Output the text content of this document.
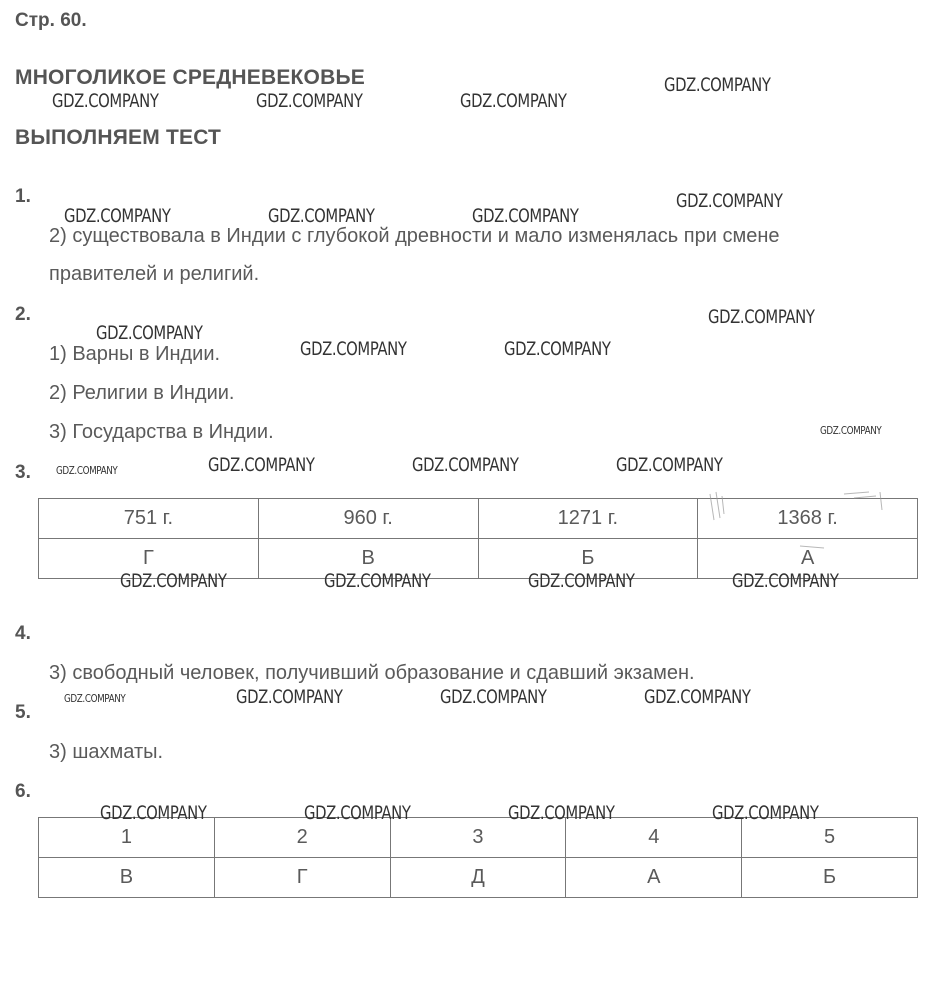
Стр. 60.
МНОГОЛИКОЕ СРЕДНЕВЕКОВЬЕ
ВЫПОЛНЯЕМ ТЕСТ
1.
2) существовала в Индии с глубокой древности и мало изменялась при смене
правителей и религий.
2.
1) Варны в Индии.
2) Религии в Индии.
3) Государства в Индии.
3.
751 г.	960 г.	1271 г.	1368 г.
Г	В	Б	А
4.
3) свободный человек, получивший образование и сдавший экзамен.
5.
3) шахматы.
6.
1	2	3	4	5
В	Г	Д	А	Б
GDZ.COMPANY	GDZ.COMPANY	GDZ.COMPANY
GDZ.COMPANY
GDZ.COMPANY	GDZ.COMPANY	GDZ.COMPANY
GDZ.COMPANY
GDZ.COMPANY
GDZ.COMPANY	GDZ.COMPANY
GDZ.COMPANY
GDZ.COMPANY
GDZ.COMPANY	GDZ.COMPANY	GDZ.COMPANY	GDZ.COMPANY
GDZ.COMPANY	GDZ.COMPANY	GDZ.COMPANY	GDZ.COMPANY
GDZ.COMPANY	GDZ.COMPANY	GDZ.COMPANY	GDZ.COMPANY
GDZ.COMPANY	GDZ.COMPANY	GDZ.COMPANY	GDZ.COMPANY
